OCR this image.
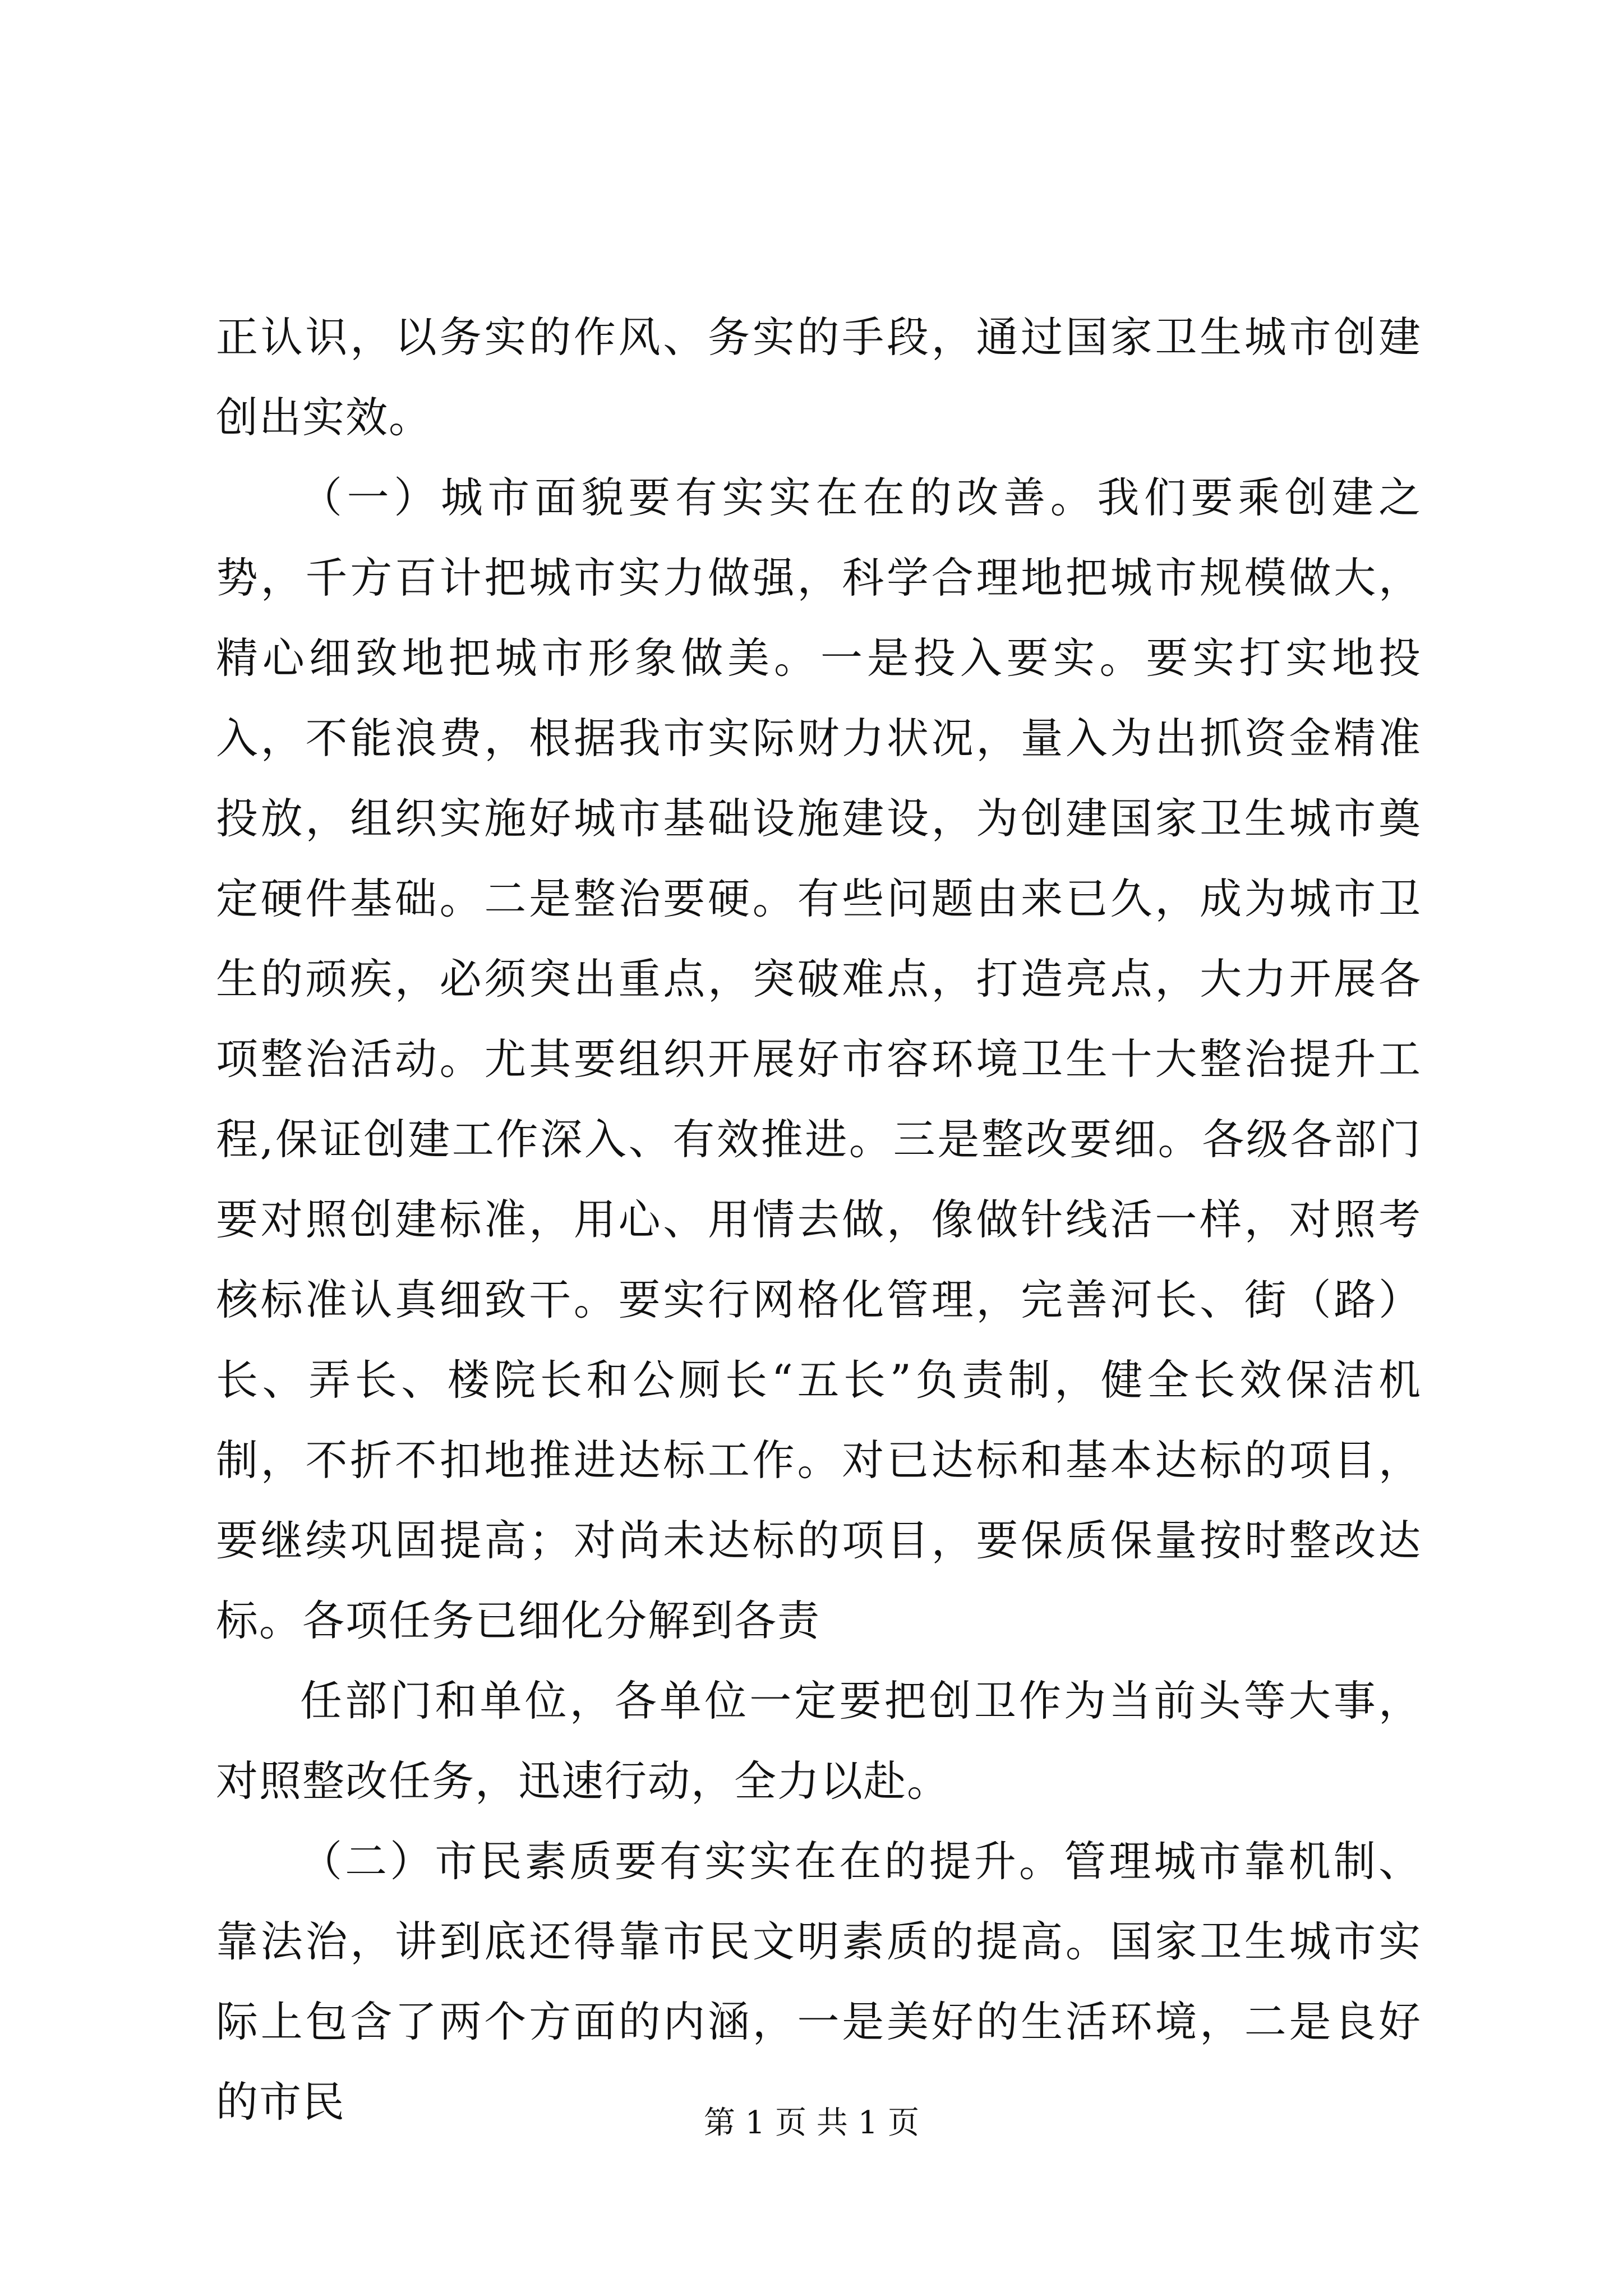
正认识，以务实的作风、务实的手段，通过国家卫生城市创建创出实效。

（一）城市面貌要有实实在在的改善。我们要乘创建之势，千方百计把城市实力做强，科学合理地把城市规模做大，精心细致地把城市形象做美。一是投入要实。要实打实地投入，不能浪费，根据我市实际财力状况，量入为出抓资金精准投放，组织实施好城市基础设施建设，为创建国家卫生城市奠定硬件基础。二是整治要硬。有些问题由来已久，成为城市卫生的顽疾，必须突出重点，突破难点，打造亮点，大力开展各项整治活动。尤其要组织开展好市容环境卫生十大整治提升工程,保证创建工作深入、有效推进。三是整改要细。各级各部门要对照创建标准，用心、用情去做，像做针线活一样，对照考核标准认真细致干。要实行网格化管理，完善河长、街（路）长、弄长、楼院长和公厕长“五长”负责制，健全长效保洁机制，不折不扣地推进达标工作。对已达标和基本达标的项目，要继续巩固提高；对尚未达标的项目，要保质保量按时整改达标。各项任务已细化分解到各责

任部门和单位，各单位一定要把创卫作为当前头等大事，对照整改任务，迅速行动，全力以赴。

（二）市民素质要有实实在在的提升。管理城市靠机制、靠法治，讲到底还得靠市民文明素质的提高。国家卫生城市实际上包含了两个方面的内涵，一是美好的生活环境，二是良好的市民	第 1 页 共 1 页
